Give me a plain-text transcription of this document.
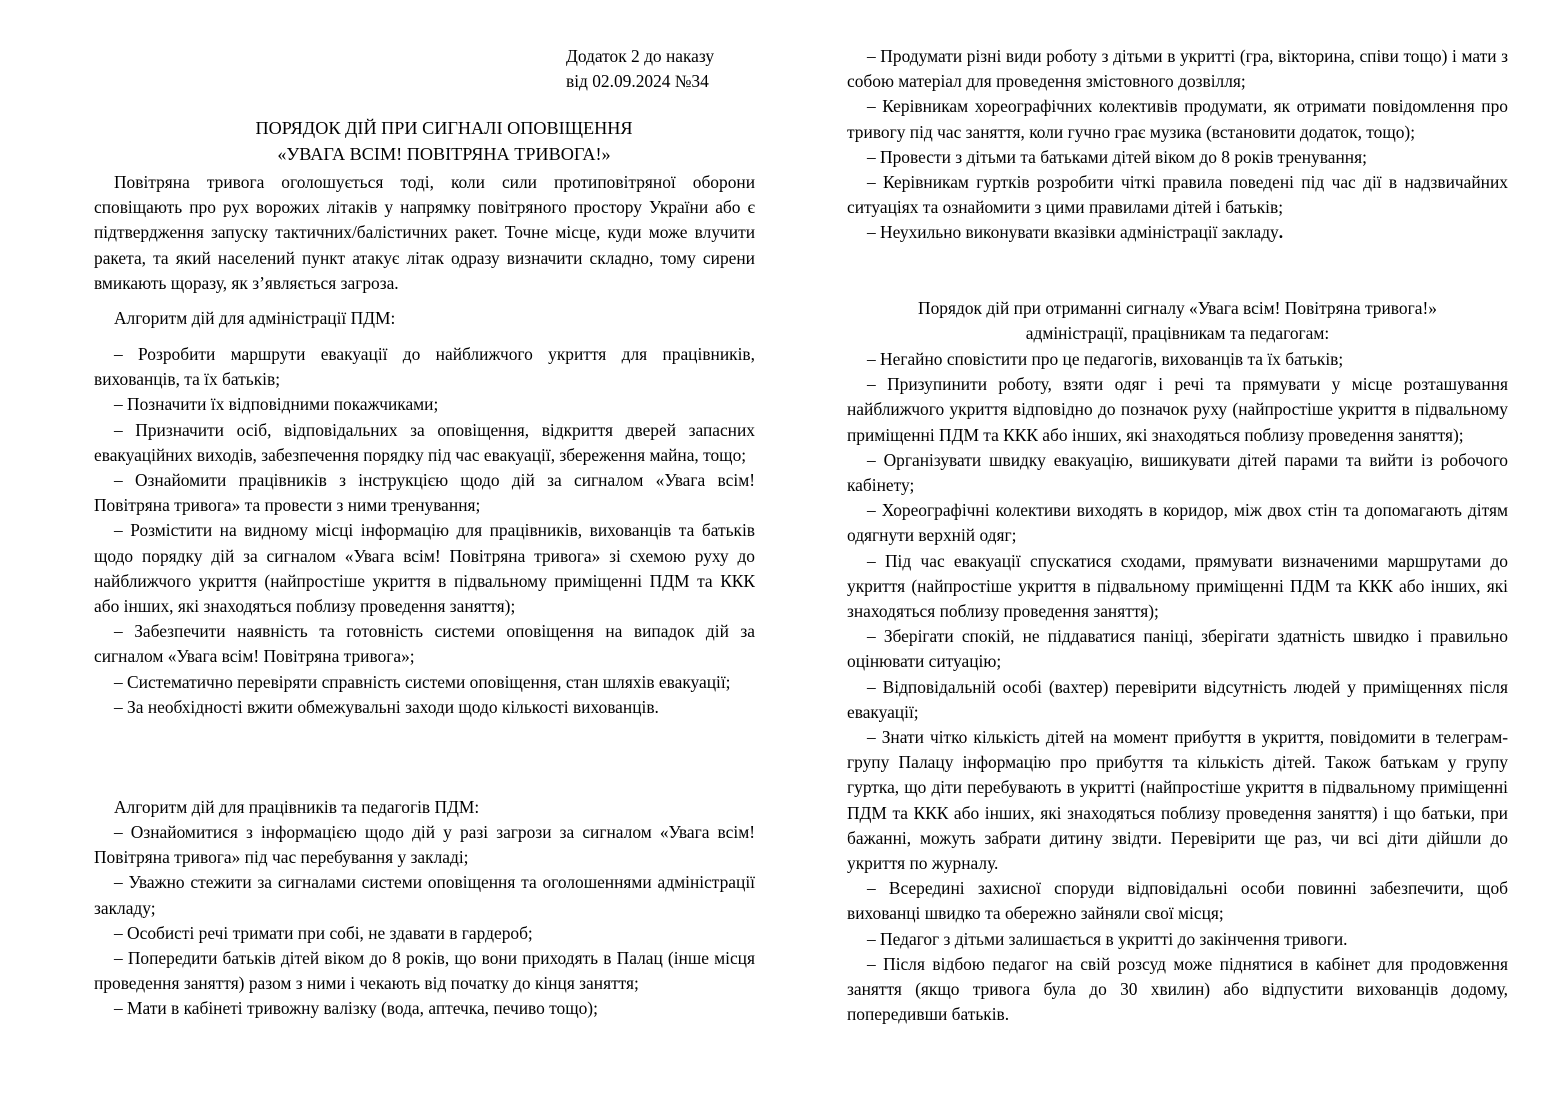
Додаток 2 до наказу
від 02.09.2024 №34
ПОРЯДОК ДІЙ ПРИ СИГНАЛІ ОПОВІЩЕННЯ
«УВАГА ВСІМ! ПОВІТРЯНА ТРИВОГА!»

Повітряна тривога оголошується тоді, коли сили протиповітряної оборони сповіщають про рух ворожих літаків у напрямку повітряного простору України або є підтвердження запуску тактичних/балістичних ракет. Точне місце, куди може влучити ракета, та який населений пункт атакує літак одразу визначити складно, тому сирени вмикають щоразу, як з’являється загроза.

Алгоритм дій для адміністрації ПДМ:

– Розробити маршрути евакуації до найближчого укриття для працівників, вихованців, та їх батьків;

– Позначити їх відповідними покажчиками;

– Призначити осіб, відповідальних за оповіщення, відкриття дверей запасних евакуаційних виходів, забезпечення порядку під час евакуації, збереження майна, тощо;

– Ознайомити працівників з інструкцією щодо дій за сигналом «Увага всім! Повітряна тривога» та провести з ними тренування;

– Розмістити на видному місці інформацію для працівників, вихованців та батьків щодо порядку дій за сигналом «Увага всім! Повітряна тривога» зі схемою руху до найближчого укриття (найпростіше укриття в підвальному приміщенні ПДМ та ККК або інших, які знаходяться поблизу проведення заняття);

– Забезпечити наявність та готовність системи оповіщення на випадок дій за сигналом «Увага всім! Повітряна тривога»;

– Систематично перевіряти справність системи оповіщення, стан шляхів евакуації;

– За необхідності вжити обмежувальні заходи щодо кількості вихованців.

Алгоритм дій для працівників та педагогів ПДМ:

– Ознайомитися з інформацією щодо дій у разі загрози за сигналом «Увага всім! Повітряна тривога» під час перебування у закладі;

– Уважно стежити за сигналами системи оповіщення та оголошеннями адміністрації закладу;

– Особисті речі тримати при собі, не здавати в гардероб;

– Попередити батьків дітей віком до 8 років, що вони приходять в Палац (інше місця проведення заняття) разом з ними і чекають від початку до кінця заняття;

– Мати в кабінеті тривожну валізку (вода, аптечка, печиво тощо);

– Продумати різні види роботу з дітьми в укритті (гра, вікторина, співи тощо) і мати з собою матеріал для проведення змістовного дозвілля;

– Керівникам хореографічних колективів продумати, як отримати повідомлення про тривогу під час заняття, коли гучно грає музика (встановити додаток, тощо);

– Провести з дітьми та батьками дітей віком до 8 років тренування;

– Керівникам гуртків розробити чіткі правила поведені під час дії в надзвичайних ситуаціях та ознайомити з цими правилами дітей і батьків;

– Неухильно виконувати вказівки адміністрації закладу.

Порядок дій при отриманні сигналу «Увага всім! Повітряна тривога!»

адміністрації, працівникам та педагогам:

– Негайно сповістити про це педагогів, вихованців та їх батьків;

– Призупинити роботу, взяти одяг і речі та прямувати у місце розташування найближчого укриття відповідно до позначок руху (найпростіше укриття в підвальному приміщенні ПДМ та ККК або інших, які знаходяться поблизу проведення заняття);

– Організувати швидку евакуацію, вишикувати дітей парами та вийти із робочого кабінету;

– Хореографічні колективи виходять в коридор, між двох стін та допомагають дітям одягнути верхній одяг;

– Під час евакуації спускатися сходами, прямувати визначеними маршрутами до укриття (найпростіше укриття в підвальному приміщенні ПДМ та ККК або інших, які знаходяться поблизу проведення заняття);

– Зберігати спокій, не піддаватися паніці, зберігати здатність швидко і правильно оцінювати ситуацію;

– Відповідальній особі (вахтер) перевірити відсутність людей у приміщеннях після евакуації;

– Знати чітко кількість дітей на момент прибуття в укриття, повідомити в телеграм-групу Палацу інформацію про прибуття та кількість дітей. Також батькам у групу гуртка, що діти перебувають в укритті (найпростіше укриття в підвальному приміщенні ПДМ та ККК або інших, які знаходяться поблизу проведення заняття) і що батьки, при бажанні, можуть забрати дитину звідти. Перевірити ще раз, чи всі діти дійшли до укриття по журналу.

– Всередині захисної споруди відповідальні особи повинні забезпечити, щоб вихованці швидко та обережно зайняли свої місця;

– Педагог з дітьми залишається в укритті до закінчення тривоги.

– Після відбою педагог на свій розсуд може піднятися в кабінет для продовження заняття (якщо тривога була до 30 хвилин) або відпустити вихованців додому, попередивши батьків.
